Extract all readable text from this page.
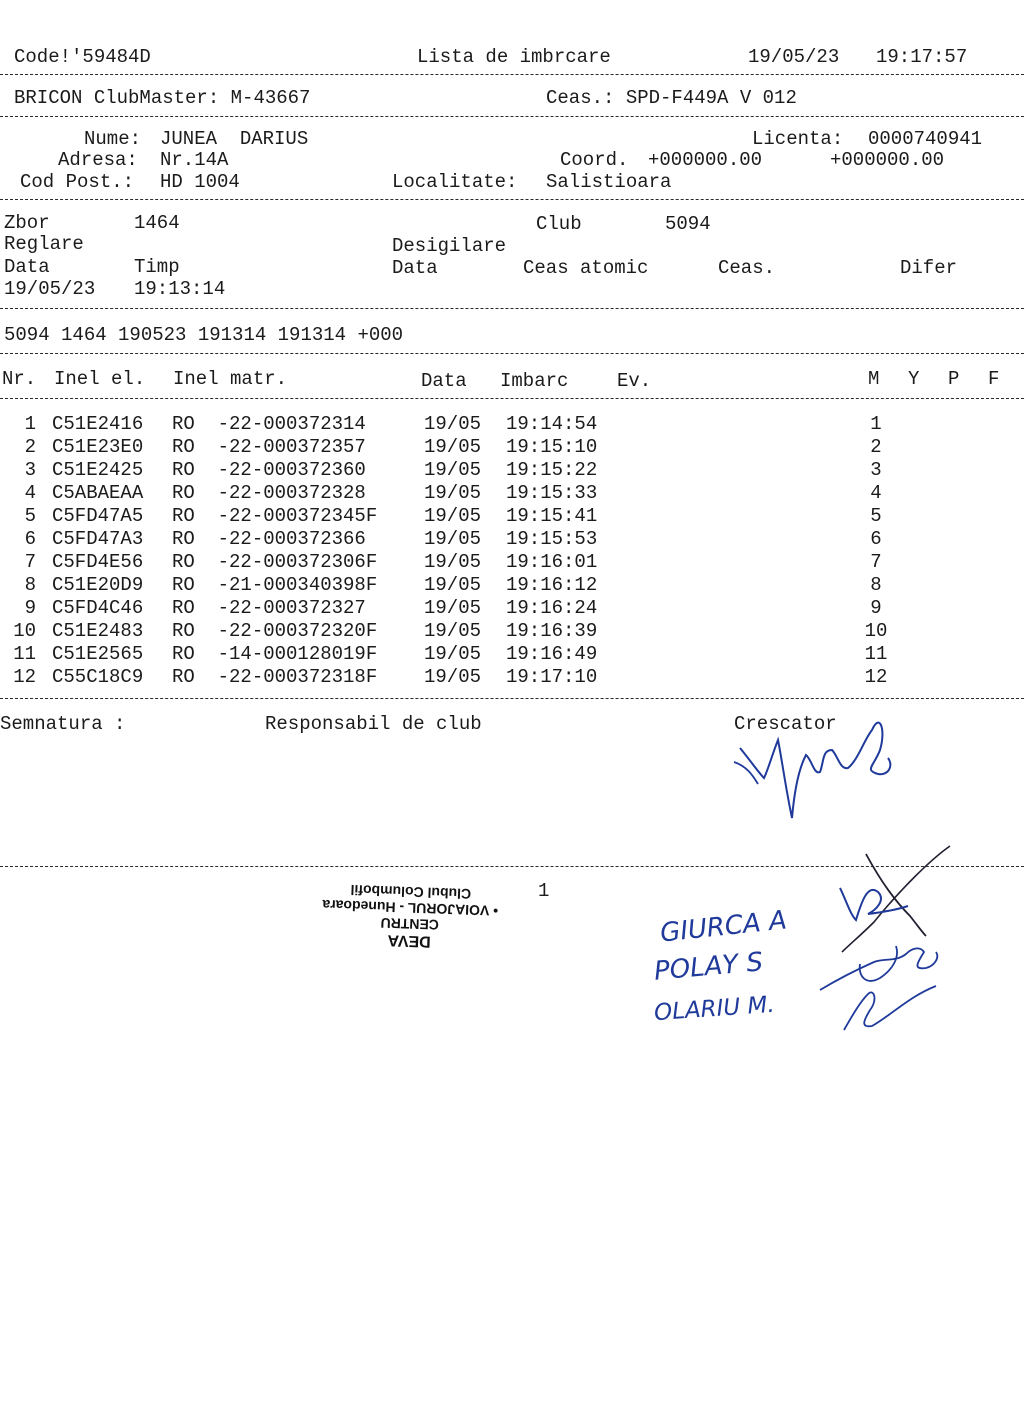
Code!'59484D	Lista de imbrcare	19/05/23 19:17:57
BRICON ClubMaster: M-43667	Ceas.: SPD-F449A V 012
Nume: JUNEA  DARIUS	Licenta: 0000740941
Adresa: Nr.14A	Coord. +000000.00	+000000.00
Cod Post.: HD 1004	Localitate: Salistioara
Zbor	1464	Club	5094
Reglare	Desigilare
Data	Timp	Data	Ceas atomic	Ceas.	Difer
19/05/23 19:13:14
5094 1464 190523 191314 191314 +000
Nr. Inel el. Inel matr.	Data Imbarc	Ev.	M Y P F
1 C51E2416 RO  -22-000372314 19/05 19:14:54	1
2 C51E23E0 RO  -22-000372357 19/05 19:15:10	2
3 C51E2425 RO  -22-000372360 19/05 19:15:22	3
4 C5ABAEAA RO  -22-000372328 19/05 19:15:33	4
5 C5FD47A5 RO  -22-000372345F 19/05 19:15:41	5
6 C5FD47A3 RO  -22-000372366 19/05 19:15:53	6
7 C5FD4E56 RO  -22-000372306F 19/05 19:16:01	7
8 C51E20D9 RO  -21-000340398F 19/05 19:16:12	8
9 C5FD4C46 RO  -22-000372327 19/05 19:16:24	9
10 C51E2483 RO  -22-000372320F 19/05 19:16:39	10
11 C51E2565 RO  -14-000128019F 19/05 19:16:49	11
12 C55C18C9 RO  -22-000372318F 19/05 19:17:10	12
Semnatura :	Responsabil de club	Crescator
1
DEVA
CENTRU
• VOIAJORUL - Hunedoara
Clubul Columbofil
GIURCA A
POLAY S
OLARIU M.
